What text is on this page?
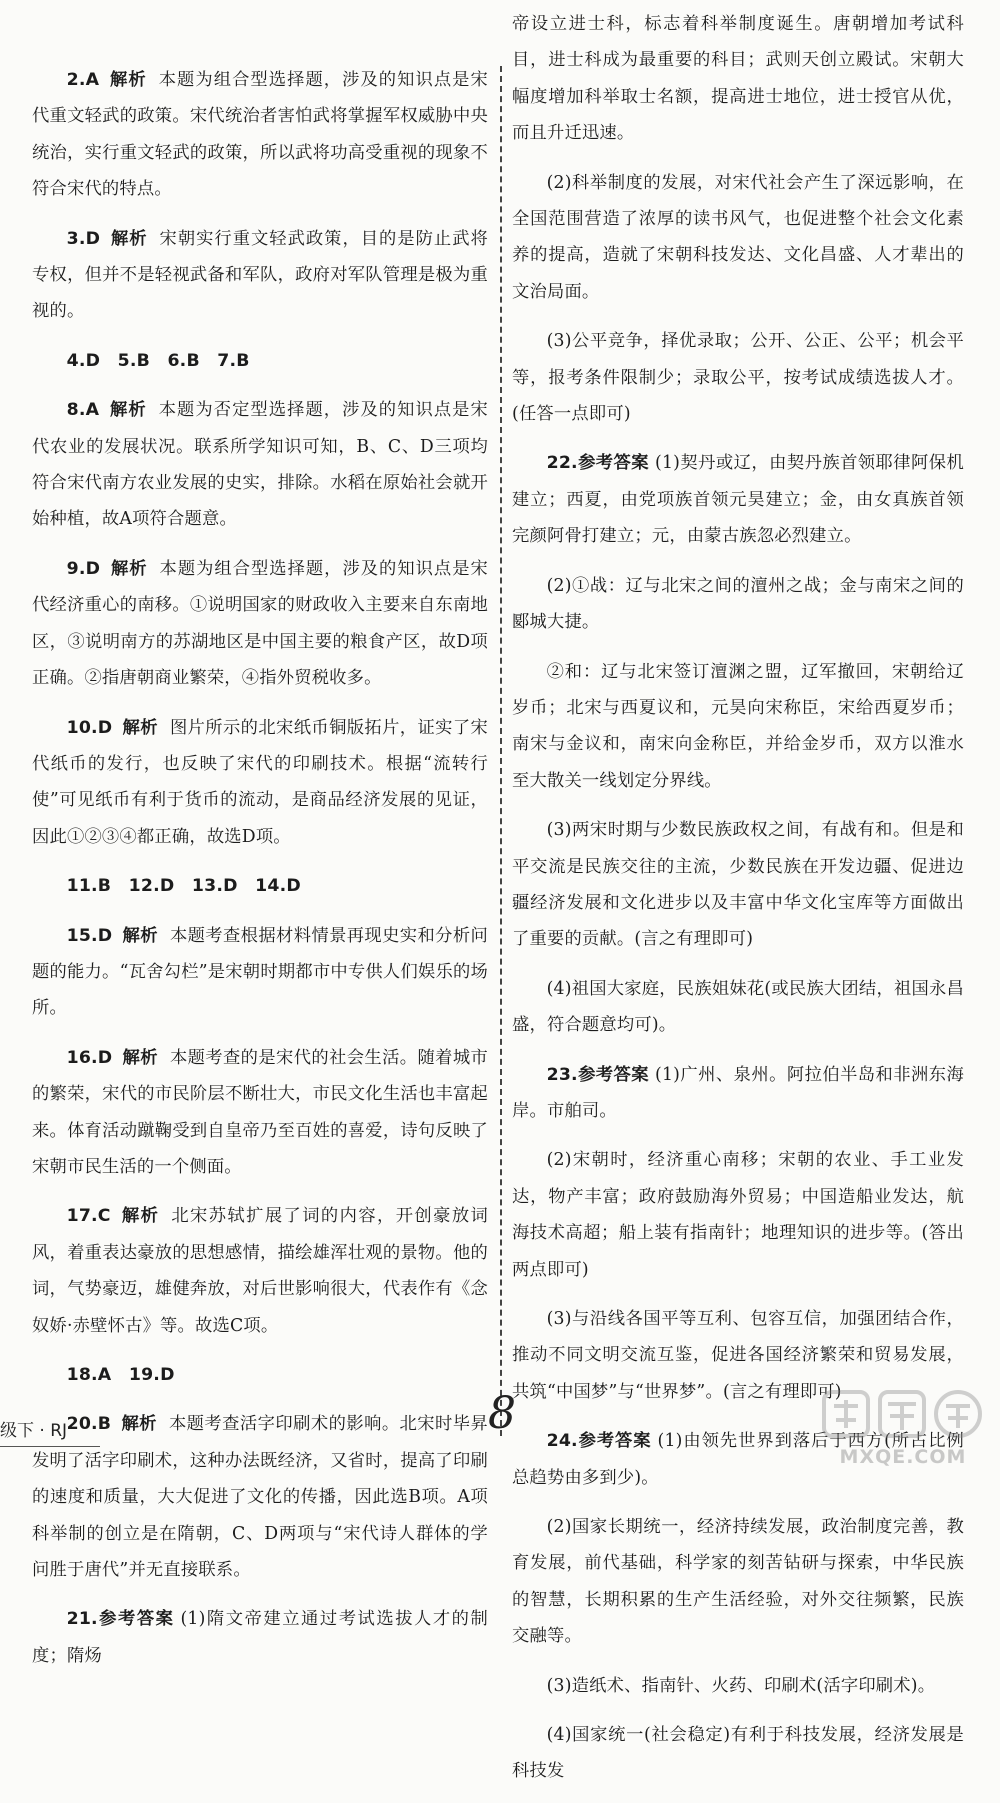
2.A 解析 本题为组合型选择题，涉及的知识点是宋代重文轻武的政策。宋代统治者害怕武将掌握军权威胁中央统治，实行重文轻武的政策，所以武将功高受重视的现象不符合宋代的特点。

3.D 解析 宋朝实行重文轻武政策，目的是防止武将专权，但并不是轻视武备和军队，政府对军队管理是极为重视的。

4.D　5.B　6.B　7.B

8.A 解析 本题为否定型选择题，涉及的知识点是宋代农业的发展状况。联系所学知识可知，B、C、D三项均符合宋代南方农业发展的史实，排除。水稻在原始社会就开始种植，故A项符合题意。

9.D 解析 本题为组合型选择题，涉及的知识点是宋代经济重心的南移。①说明国家的财政收入主要来自东南地区，③说明南方的苏湖地区是中国主要的粮食产区，故D项正确。②指唐朝商业繁荣，④指外贸税收多。

10.D 解析 图片所示的北宋纸币铜版拓片，证实了宋代纸币的发行，也反映了宋代的印刷技术。根据“流转行使”可见纸币有利于货币的流动，是商品经济发展的见证，因此①②③④都正确，故选D项。

11.B　12.D　13.D　14.D

15.D 解析 本题考查根据材料情景再现史实和分析问题的能力。“瓦舍勾栏”是宋朝时期都市中专供人们娱乐的场所。

16.D 解析 本题考查的是宋代的社会生活。随着城市的繁荣，宋代的市民阶层不断壮大，市民文化生活也丰富起来。体育活动蹴鞠受到自皇帝乃至百姓的喜爱，诗句反映了宋朝市民生活的一个侧面。

17.C 解析 北宋苏轼扩展了词的内容，开创豪放词风，着重表达豪放的思想感情，描绘雄浑壮观的景物。他的词，气势豪迈，雄健奔放，对后世影响很大，代表作有《念奴娇·赤壁怀古》等。故选C项。

18.A　19.D

20.B 解析 本题考查活字印刷术的影响。北宋时毕昇发明了活字印刷术，这种办法既经济，又省时，提高了印刷的速度和质量，大大促进了文化的传播，因此选B项。A项科举制的创立是在隋朝，C、D两项与“宋代诗人群体的学问胜于唐代”并无直接联系。

21.参考答案 (1)隋文帝建立通过考试选拔人才的制度；隋炀

帝设立进士科，标志着科举制度诞生。唐朝增加考试科目，进士科成为最重要的科目；武则天创立殿试。宋朝大幅度增加科举取士名额，提高进士地位，进士授官从优，而且升迁迅速。

(2)科举制度的发展，对宋代社会产生了深远影响，在全国范围营造了浓厚的读书风气，也促进整个社会文化素养的提高，造就了宋朝科技发达、文化昌盛、人才辈出的文治局面。

(3)公平竞争，择优录取；公开、公正、公平；机会平等，报考条件限制少；录取公平，按考试成绩选拔人才。(任答一点即可)

22.参考答案 (1)契丹或辽，由契丹族首领耶律阿保机建立；西夏，由党项族首领元昊建立；金，由女真族首领完颜阿骨打建立；元，由蒙古族忽必烈建立。

(2)①战：辽与北宋之间的澶州之战；金与南宋之间的郾城大捷。

②和：辽与北宋签订澶渊之盟，辽军撤回，宋朝给辽岁币；北宋与西夏议和，元昊向宋称臣，宋给西夏岁币；南宋与金议和，南宋向金称臣，并给金岁币，双方以淮水至大散关一线划定分界线。

(3)两宋时期与少数民族政权之间，有战有和。但是和平交流是民族交往的主流，少数民族在开发边疆、促进边疆经济发展和文化进步以及丰富中华文化宝库等方面做出了重要的贡献。(言之有理即可)

(4)祖国大家庭，民族姐妹花(或民族大团结，祖国永昌盛，符合题意均可)。

23.参考答案 (1)广州、泉州。阿拉伯半岛和非洲东海岸。市舶司。

(2)宋朝时，经济重心南移；宋朝的农业、手工业发达，物产丰富；政府鼓励海外贸易；中国造船业发达，航海技术高超；船上装有指南针；地理知识的进步等。(答出两点即可)

(3)与沿线各国平等互利、包容互信，加强团结合作，推动不同文明交流互鉴，促进各国经济繁荣和贸易发展，共筑“中国梦”与“世界梦”。(言之有理即可)

24.参考答案 (1)由领先世界到落后于西方(所占比例总趋势由多到少)。

(2)国家长期统一，经济持续发展，政治制度完善，教育发展，前代基础，科学家的刻苦钻研与探索，中华民族的智慧，长期积累的生产生活经验，对外交往频繁，民族交融等。

(3)造纸术、指南针、火药、印刷术(活字印刷术)。

(4)国家统一(社会稳定)有利于科技发展，经济发展是科技发

级下 · RJ	8
MXQE.COM
